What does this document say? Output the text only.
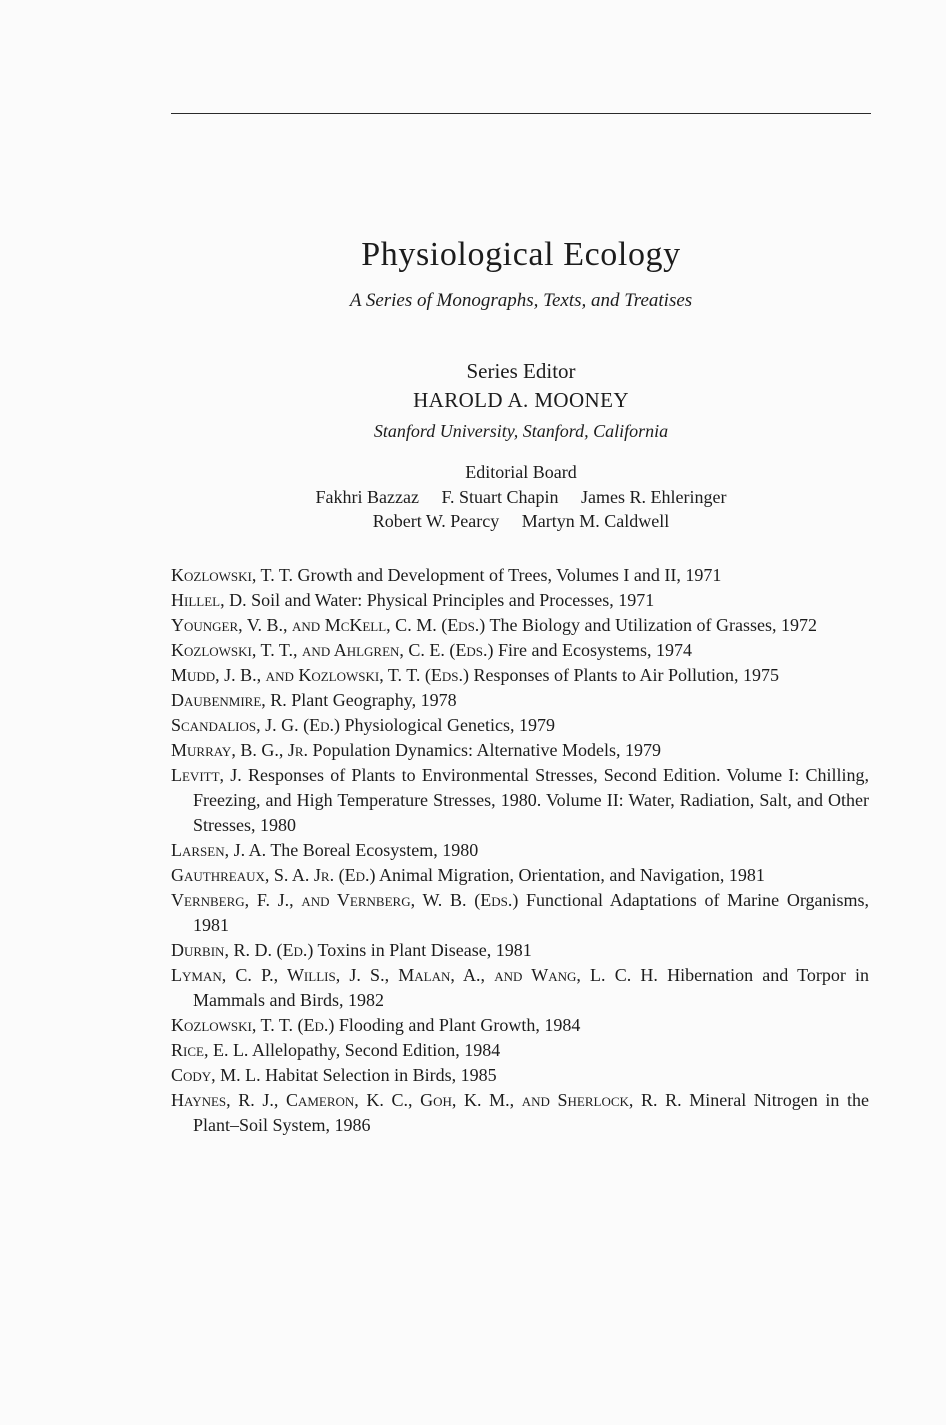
Physiological Ecology
A Series of Monographs, Texts, and Treatises
Series Editor
HAROLD A. MOONEY
Stanford University, Stanford, California
Editorial Board
Fakhri Bazzaz F. Stuart Chapin James R. Ehleringer
Robert W. Pearcy Martyn M. Caldwell
Kozlowski, T. T. Growth and Development of Trees, Volumes I and II, 1971
Hillel, D. Soil and Water: Physical Principles and Processes, 1971
Younger, V. B., and McKell, C. M. (Eds.) The Biology and Utilization of Grasses, 1972
Kozlowski, T. T., and Ahlgren, C. E. (Eds.) Fire and Ecosystems, 1974
Mudd, J. B., and Kozlowski, T. T. (Eds.) Responses of Plants to Air Pollution, 1975
Daubenmire, R. Plant Geography, 1978
Scandalios, J. G. (Ed.) Physiological Genetics, 1979
Murray, B. G., Jr. Population Dynamics: Alternative Models, 1979
Levitt, J. Responses of Plants to Environmental Stresses, Second Edition. Volume I: Chilling, Freezing, and High Temperature Stresses, 1980. Volume II: Water, Radiation, Salt, and Other Stresses, 1980
Larsen, J. A. The Boreal Ecosystem, 1980
Gauthreaux, S. A. Jr. (Ed.) Animal Migration, Orientation, and Navigation, 1981
Vernberg, F. J., and Vernberg, W. B. (Eds.) Functional Adaptations of Marine Organisms, 1981
Durbin, R. D. (Ed.) Toxins in Plant Disease, 1981
Lyman, C. P., Willis, J. S., Malan, A., and Wang, L. C. H. Hibernation and Torpor in Mammals and Birds, 1982
Kozlowski, T. T. (Ed.) Flooding and Plant Growth, 1984
Rice, E. L. Allelopathy, Second Edition, 1984
Cody, M. L. Habitat Selection in Birds, 1985
Haynes, R. J., Cameron, K. C., Goh, K. M., and Sherlock, R. R. Mineral Nitrogen in the Plant–Soil System, 1986
